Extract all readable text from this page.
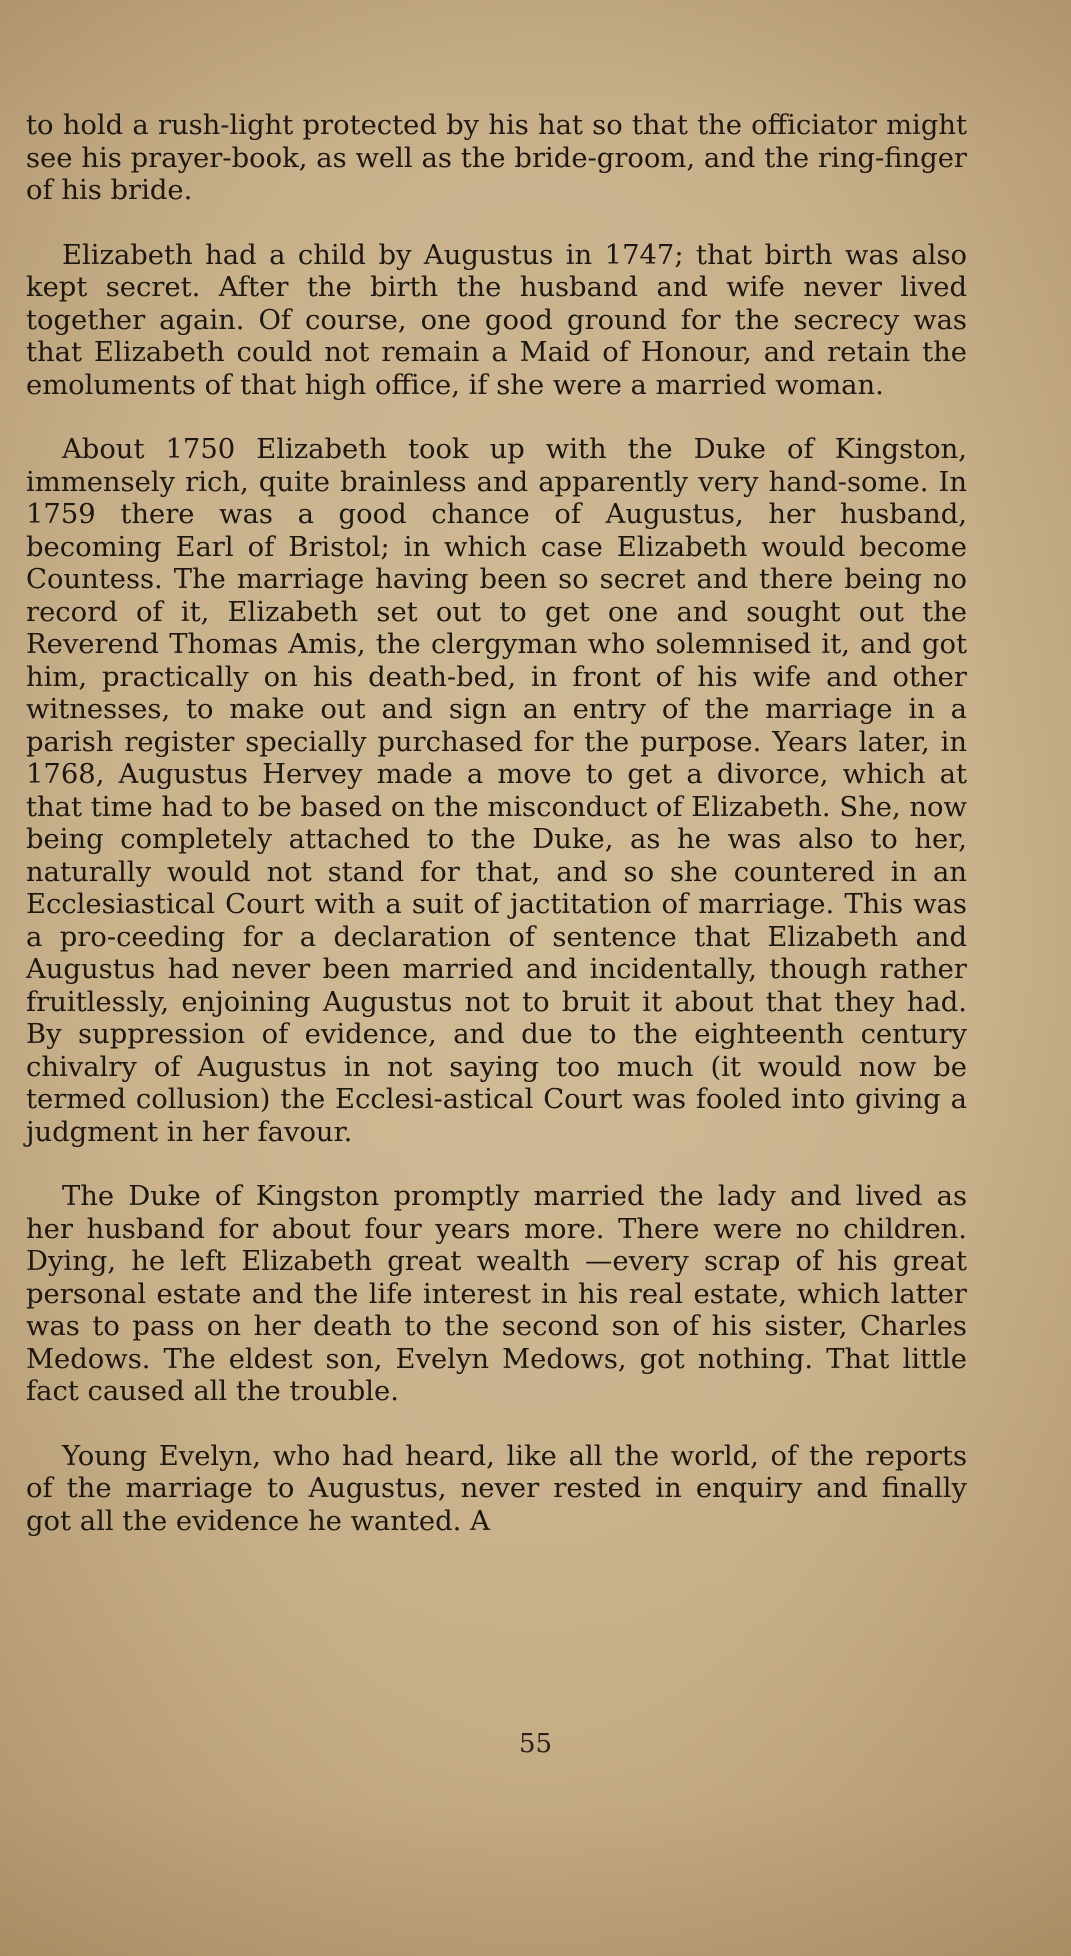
to hold a rush-light protected by his hat so that the officiator might see his prayer-book, as well as the bride-groom, and the ring-finger of his bride.

Elizabeth had a child by Augustus in 1747; that birth was also kept secret. After the birth the husband and wife never lived together again. Of course, one good ground for the secrecy was that Elizabeth could not remain a Maid of Honour, and retain the emoluments of that high office, if she were a married woman.

About 1750 Elizabeth took up with the Duke of Kingston, immensely rich, quite brainless and apparently very hand-some. In 1759 there was a good chance of Augustus, her husband, becoming Earl of Bristol; in which case Elizabeth would become Countess. The marriage having been so secret and there being no record of it, Elizabeth set out to get one and sought out the Reverend Thomas Amis, the clergyman who solemnised it, and got him, practically on his death-bed, in front of his wife and other witnesses, to make out and sign an entry of the marriage in a parish register specially purchased for the purpose. Years later, in 1768, Augustus Hervey made a move to get a divorce, which at that time had to be based on the misconduct of Elizabeth. She, now being completely attached to the Duke, as he was also to her, naturally would not stand for that, and so she countered in an Ecclesiastical Court with a suit of jactitation of marriage. This was a pro-ceeding for a declaration of sentence that Elizabeth and Augustus had never been married and incidentally, though rather fruitlessly, enjoining Augustus not to bruit it about that they had. By suppression of evidence, and due to the eighteenth century chivalry of Augustus in not saying too much (it would now be termed collusion) the Ecclesi-astical Court was fooled into giving a judgment in her favour.

The Duke of Kingston promptly married the lady and lived as her husband for about four years more. There were no children. Dying, he left Elizabeth great wealth —every scrap of his great personal estate and the life interest in his real estate, which latter was to pass on her death to the second son of his sister, Charles Medows. The eldest son, Evelyn Medows, got nothing. That little fact caused all the trouble.

Young Evelyn, who had heard, like all the world, of the reports of the marriage to Augustus, never rested in enquiry and finally got all the evidence he wanted. A

55
